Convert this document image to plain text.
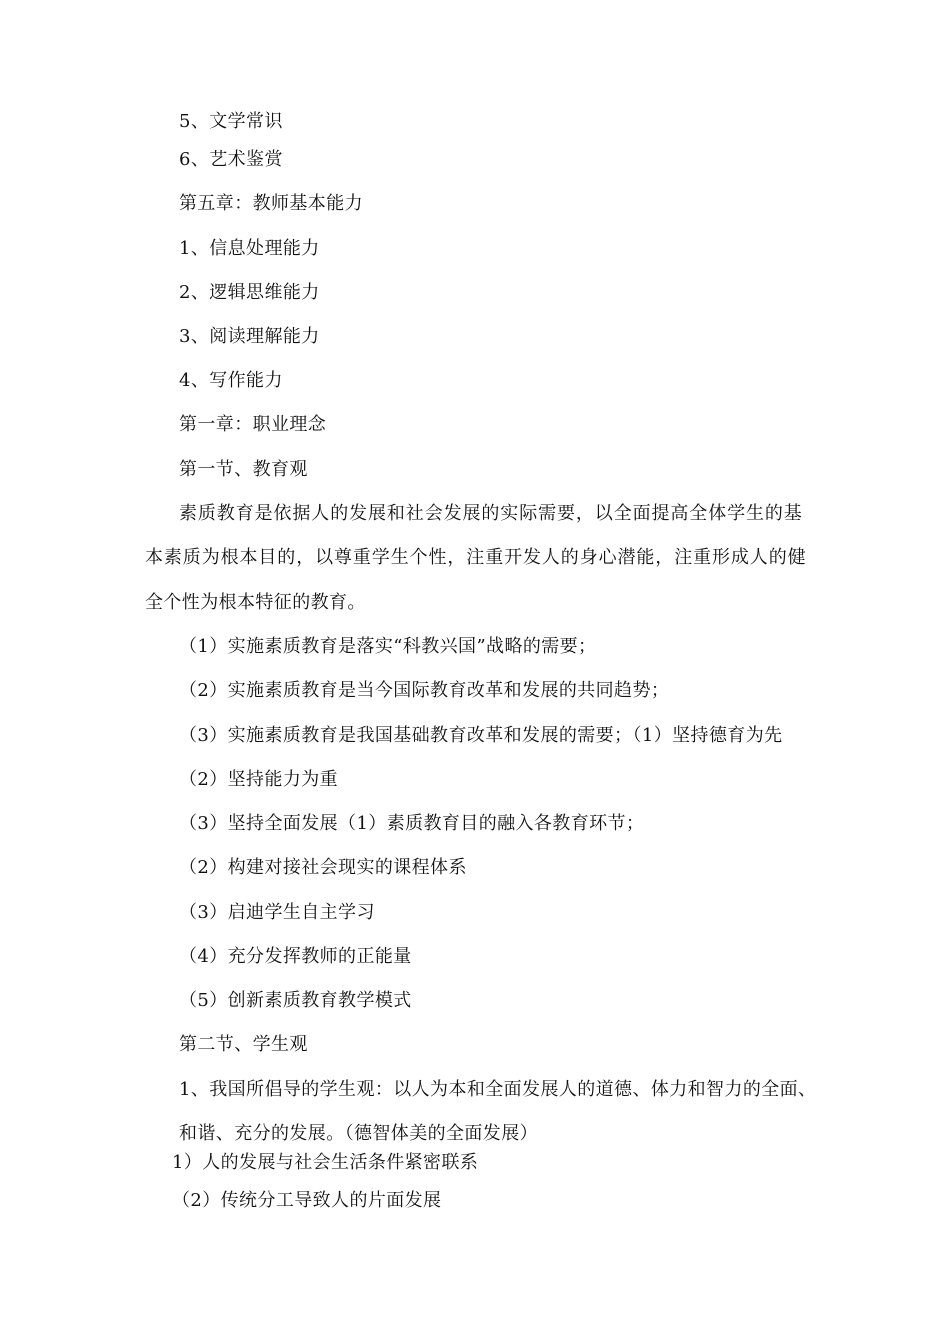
5、文学常识
6、艺术鉴赏
第五章：教师基本能力
1、信息处理能力
2、逻辑思维能力
3、阅读理解能力
4、写作能力
第一章：职业理念
第一节、教育观
素质教育是依据人的发展和社会发展的实际需要，以全面提高全体学生的基
本素质为根本目的，以尊重学生个性，注重开发人的身心潜能，注重形成人的健
全个性为根本特征的教育。
（1）实施素质教育是落实“科教兴国”战略的需要；
（2）实施素质教育是当今国际教育改革和发展的共同趋势；
（3）实施素质教育是我国基础教育改革和发展的需要；（1）坚持德育为先
（2）坚持能力为重
（3）坚持全面发展（1）素质教育目的融入各教育环节；
（2）构建对接社会现实的课程体系
（3）启迪学生自主学习
（4）充分发挥教师的正能量
（5）创新素质教育教学模式
第二节、学生观
1、我国所倡导的学生观：以人为本和全面发展人的道德、体力和智力的全面、
和谐、充分的发展。（德智体美的全面发展）
1）人的发展与社会生活条件紧密联系
（2）传统分工导致人的片面发展
